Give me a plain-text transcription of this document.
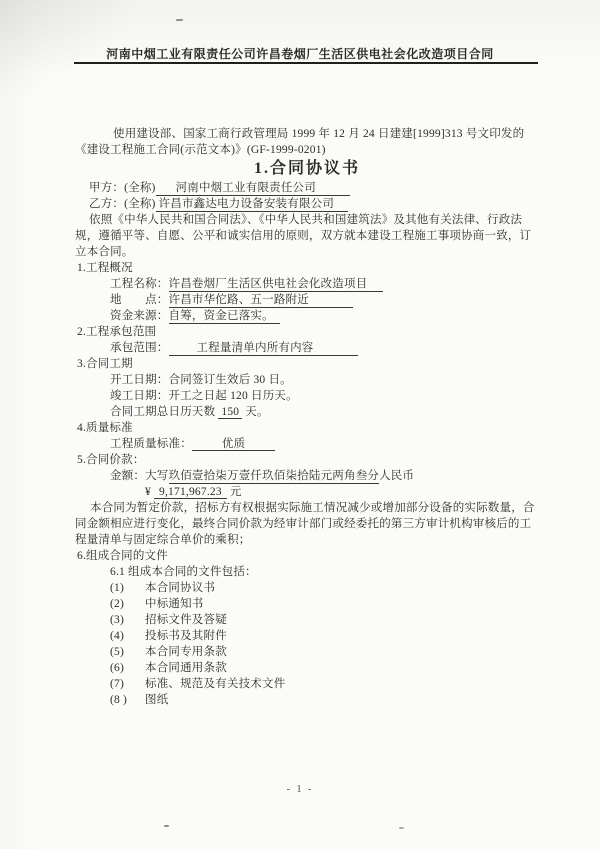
河南中烟工业有限责任公司许昌卷烟厂生活区供电社会化改造项目合同

使用建设部、国家工商行政管理局 1999 年 12 月 24 日建建[1999]313 号文印发的《建设工程施工合同(示范文本)》(GF-1999-0201)

1.合同协议书

甲方：(全称) 河南中烟工业有限责任公司

乙方：(全称) 许昌市鑫达电力设备安装有限公司

依照《中华人民共和国合同法》、《中华人民共和国建筑法》及其他有关法律、行政法规，遵循平等、自愿、公平和诚实信用的原则，双方就本建设工程施工事项协商一致，订立本合同。

1.工程概况

工程名称：许昌卷烟厂生活区供电社会化改造项目

地　　点：许昌市华佗路、五一路附近

资金来源：自筹，资金已落实。

2.工程承包范围

承包范围： 工程量清单内所有内容

3.合同工期

开工日期：合同签订生效后 30 日。

竣工日期：开工之日起 120 日历天。

合同工期总日历天数 150 天。

4.质量标准

工程质量标准：	优质

5.合同价款：

金额：大写玖佰壹拾柒万壹仟玖佰柒拾陆元两角叁分人民币

¥ 9,171,967.23 元

本合同为暂定价款，招标方有权根据实际施工情况减少或增加部分设备的实际数量，合同金额相应进行变化，最终合同价款为经审计部门或经委托的第三方审计机构审核后的工程量清单与固定综合单价的乘积；

6.组成合同的文件

6.1 组成本合同的文件包括：

(1) 本合同协议书

(2) 中标通知书

(3) 招标文件及答疑

(4) 投标书及其附件

(5) 本合同专用条款

(6) 本合同通用条款

(7) 标准、规范及有关技术文件

(8 ) 图纸

- 1 -
